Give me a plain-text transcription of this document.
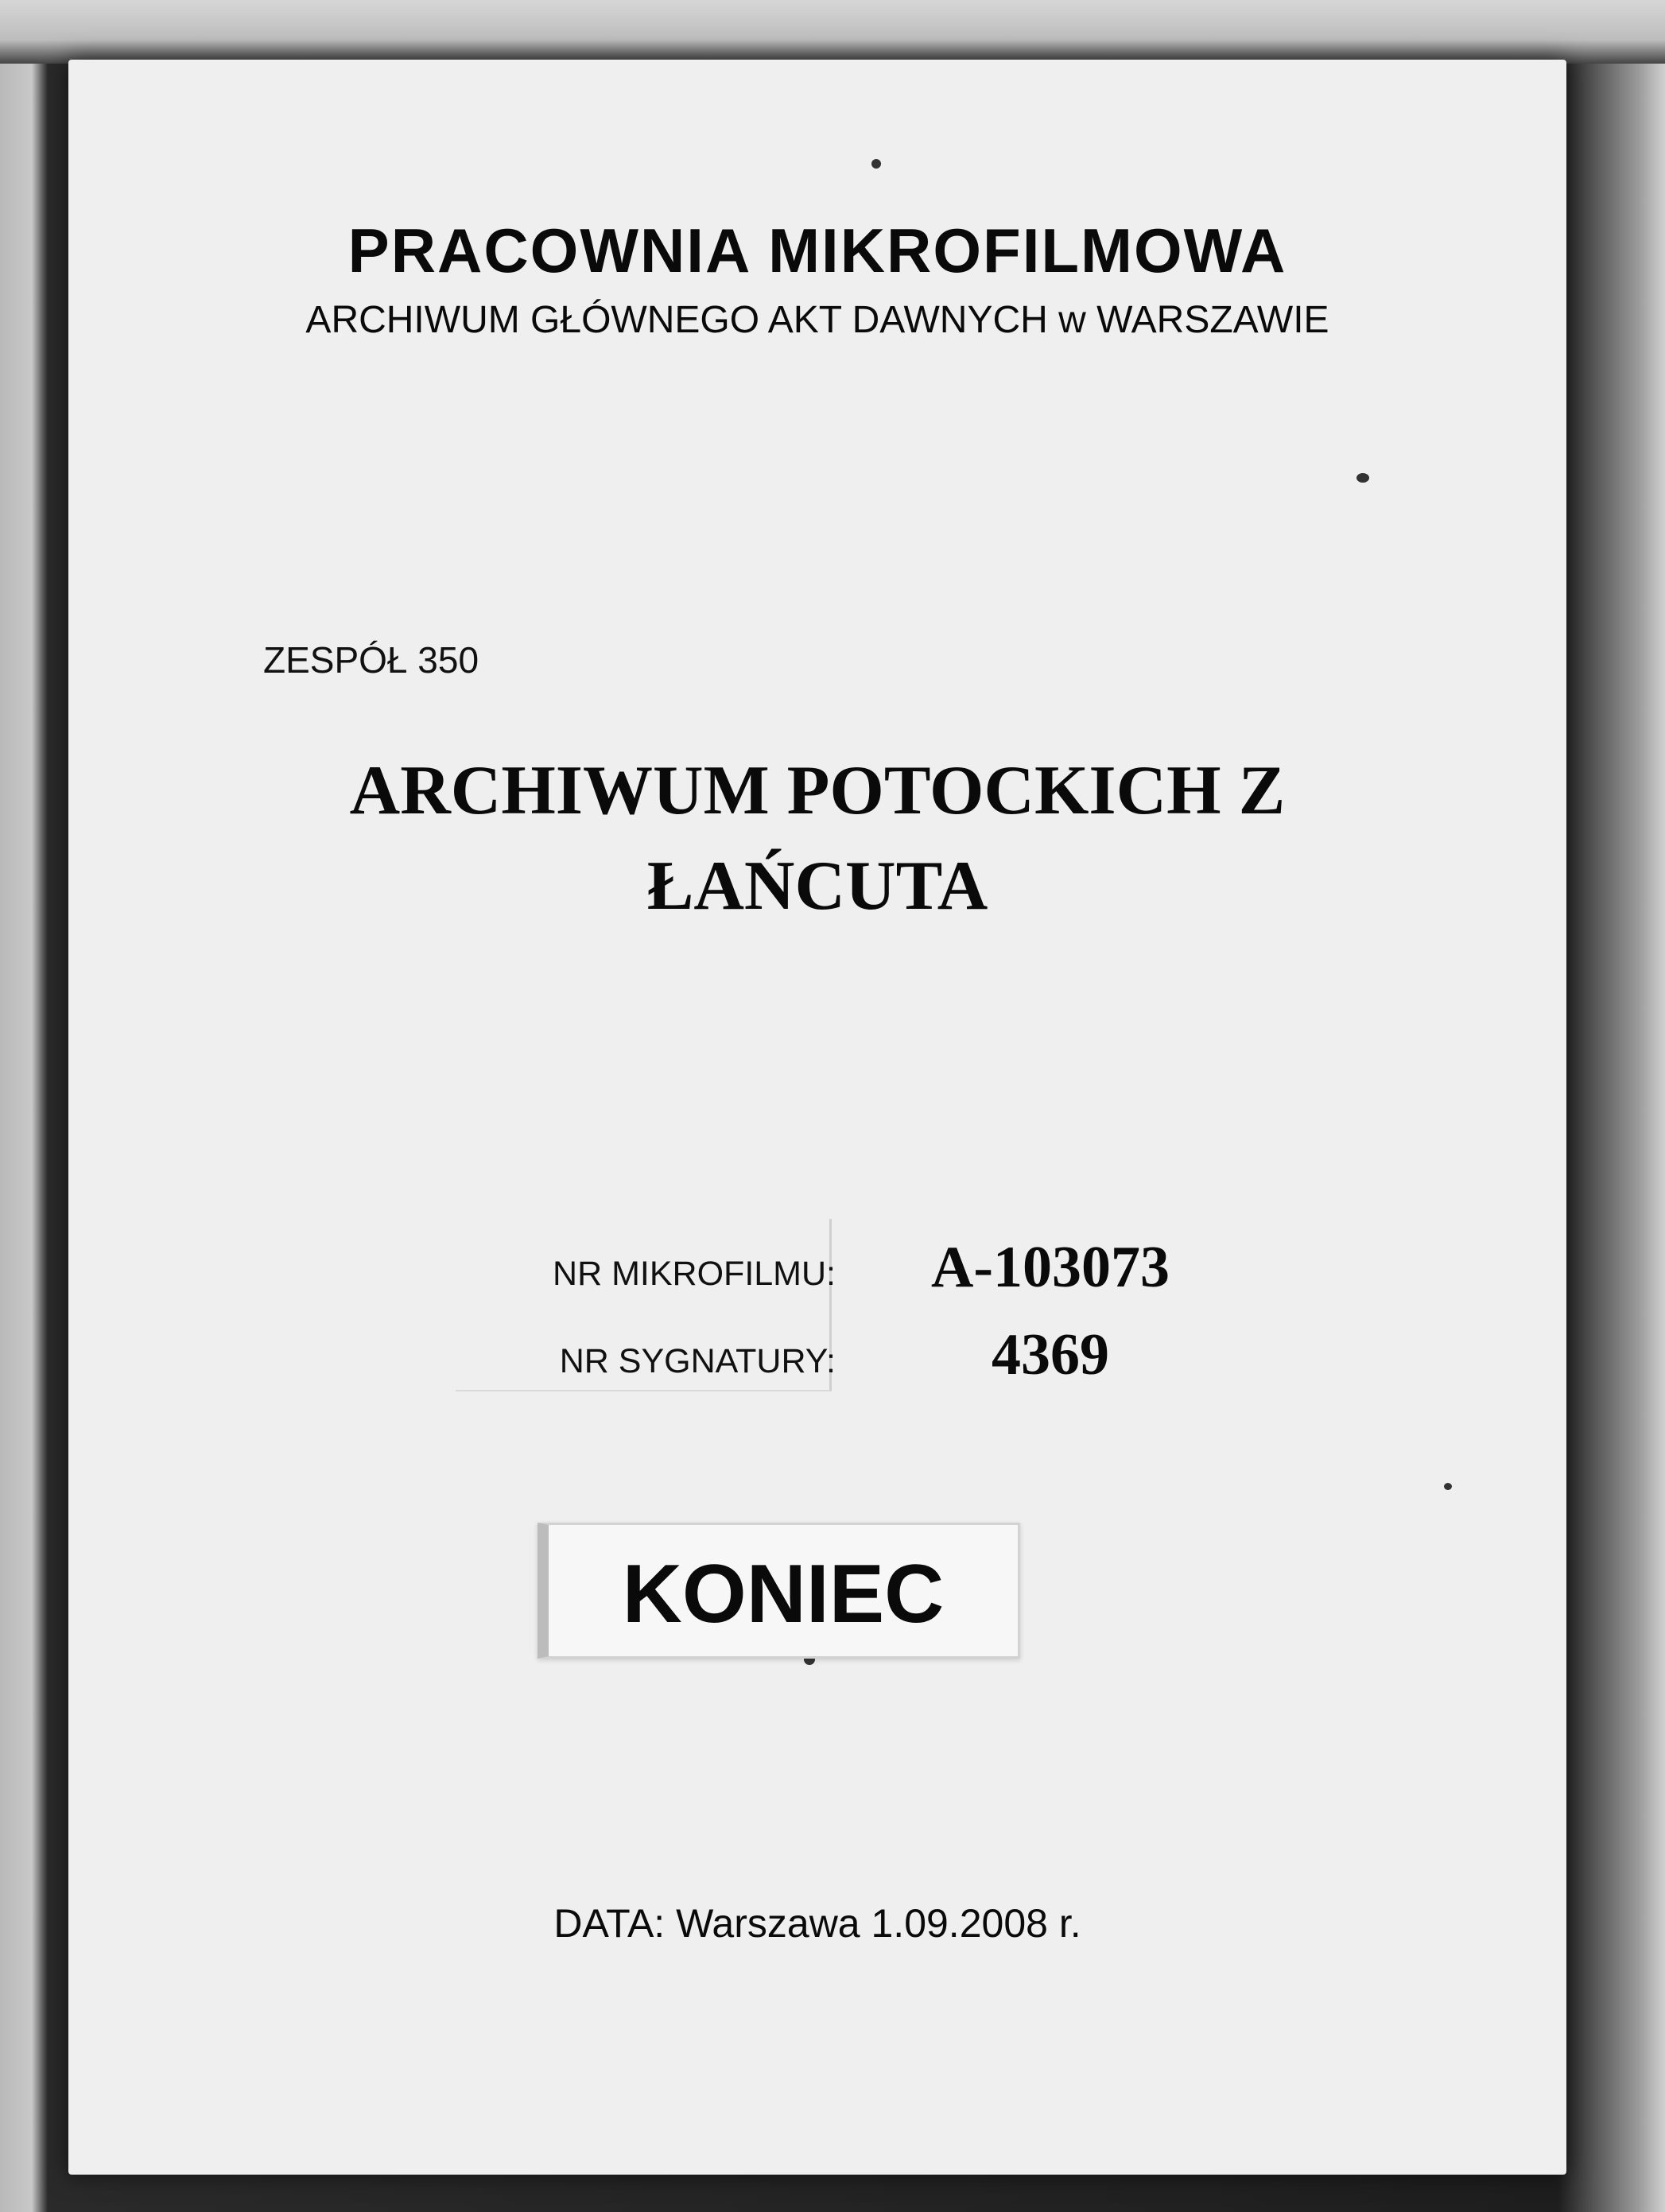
PRACOWNIA MIKROFILMOWA
ARCHIWUM GŁÓWNEGO AKT DAWNYCH w WARSZAWIE
ZESPÓŁ 350
ARCHIWUM POTOCKICH Z
ŁAŃCUTA
NR MIKROFILMU:	A-103073
NR SYGNATURY:	4369
KONIEC
DATA: Warszawa 1.09.2008 r.
